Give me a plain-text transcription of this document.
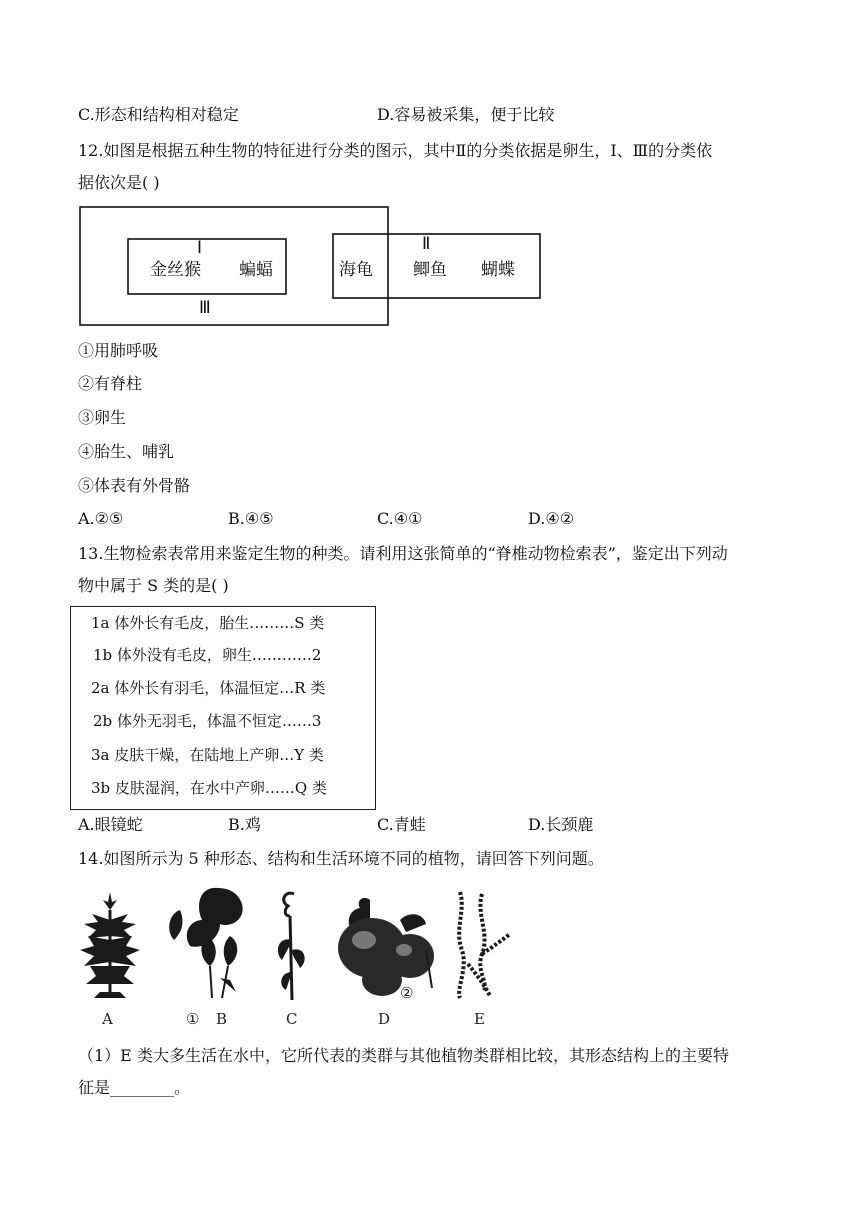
C.形态和结构相对稳定	D.容易被采集，便于比较
12.如图是根据五种生物的特征进行分类的图示，其中Ⅱ的分类依据是卵生，Ⅰ、Ⅲ的分类依
据依次是( )
Ⅰ	Ⅱ
Ⅲ
金丝猴 蝙蝠	海龟 鲫鱼 蝴蝶
①用肺呼吸
②有脊柱
③卵生
④胎生、哺乳
⑤体表有外骨骼
A.②⑤	B.④⑤	C.④①	D.④②
13.生物检索表常用来鉴定生物的种类。请利用这张简单的“脊椎动物检索表”，鉴定出下列动
物中属于 S 类的是( )
1a 体外长有毛皮，胎生………S 类
1b 体外没有毛皮，卵生…………2
2a 体外长有羽毛，体温恒定…R 类
2b 体外无羽毛，体温不恒定……3
3a 皮肤干燥，在陆地上产卵…Y 类
3b 皮肤湿润，在水中产卵……Q 类
A.眼镜蛇	B.鸡	C.青蛙	D.长颈鹿
14.如图所示为 5 种形态、结构和生活环境不同的植物，请回答下列问题。
A	① B	C	D
②
E
（1）E 类大多生活在水中，它所代表的类群与其他植物类群相比较，其形态结构上的主要特
征是________。
